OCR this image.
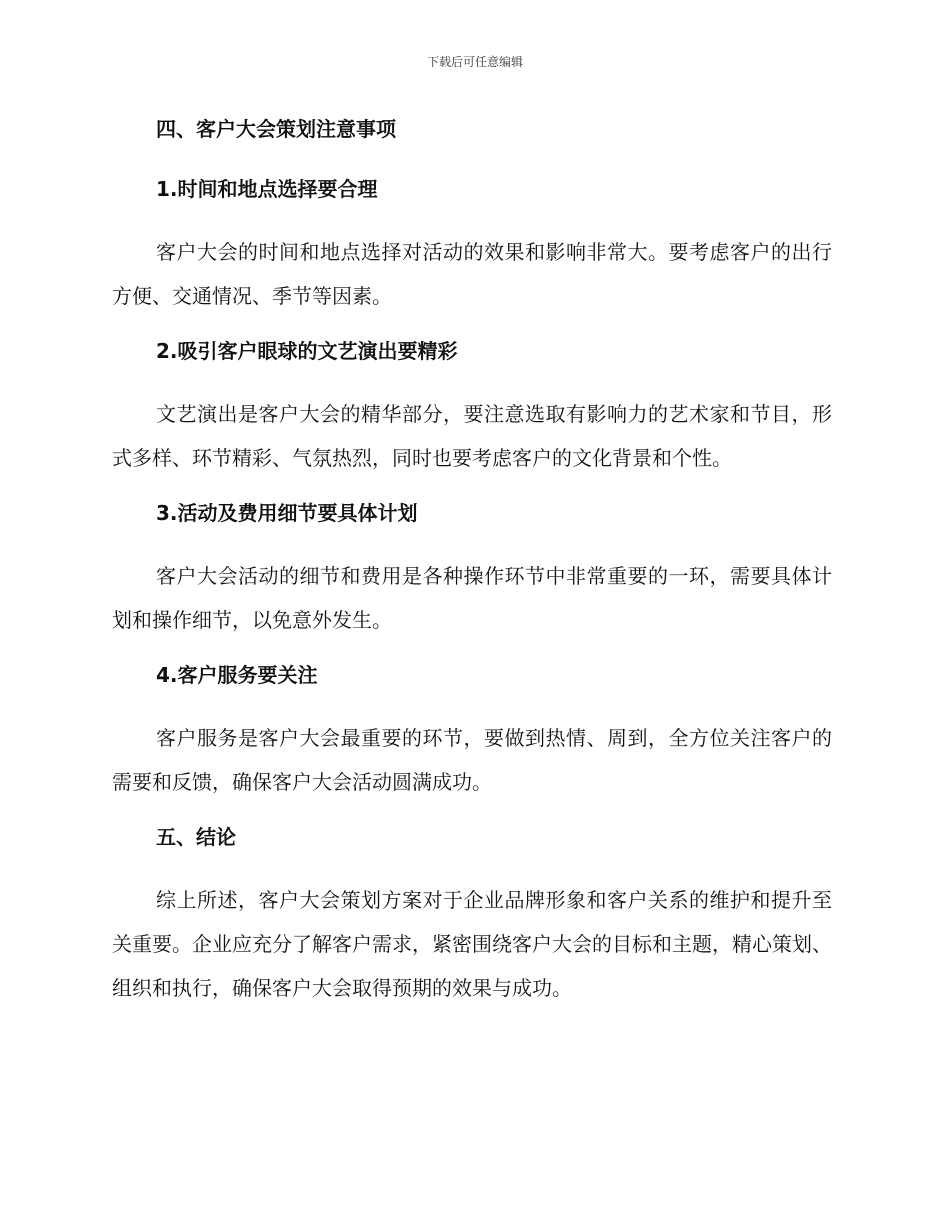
下载后可任意编辑
四、客户大会策划注意事项
1.时间和地点选择要合理
客户大会的时间和地点选择对活动的效果和影响非常大。要考虑客户的出行方便、交通情况、季节等因素。
2.吸引客户眼球的文艺演出要精彩
文艺演出是客户大会的精华部分，要注意选取有影响力的艺术家和节目，形式多样、环节精彩、气氛热烈，同时也要考虑客户的文化背景和个性。
3.活动及费用细节要具体计划
客户大会活动的细节和费用是各种操作环节中非常重要的一环，需要具体计划和操作细节，以免意外发生。
4.客户服务要关注
客户服务是客户大会最重要的环节，要做到热情、周到，全方位关注客户的需要和反馈，确保客户大会活动圆满成功。
五、结论
综上所述，客户大会策划方案对于企业品牌形象和客户关系的维护和提升至关重要。企业应充分了解客户需求，紧密围绕客户大会的目标和主题，精心策划、组织和执行，确保客户大会取得预期的效果与成功。
